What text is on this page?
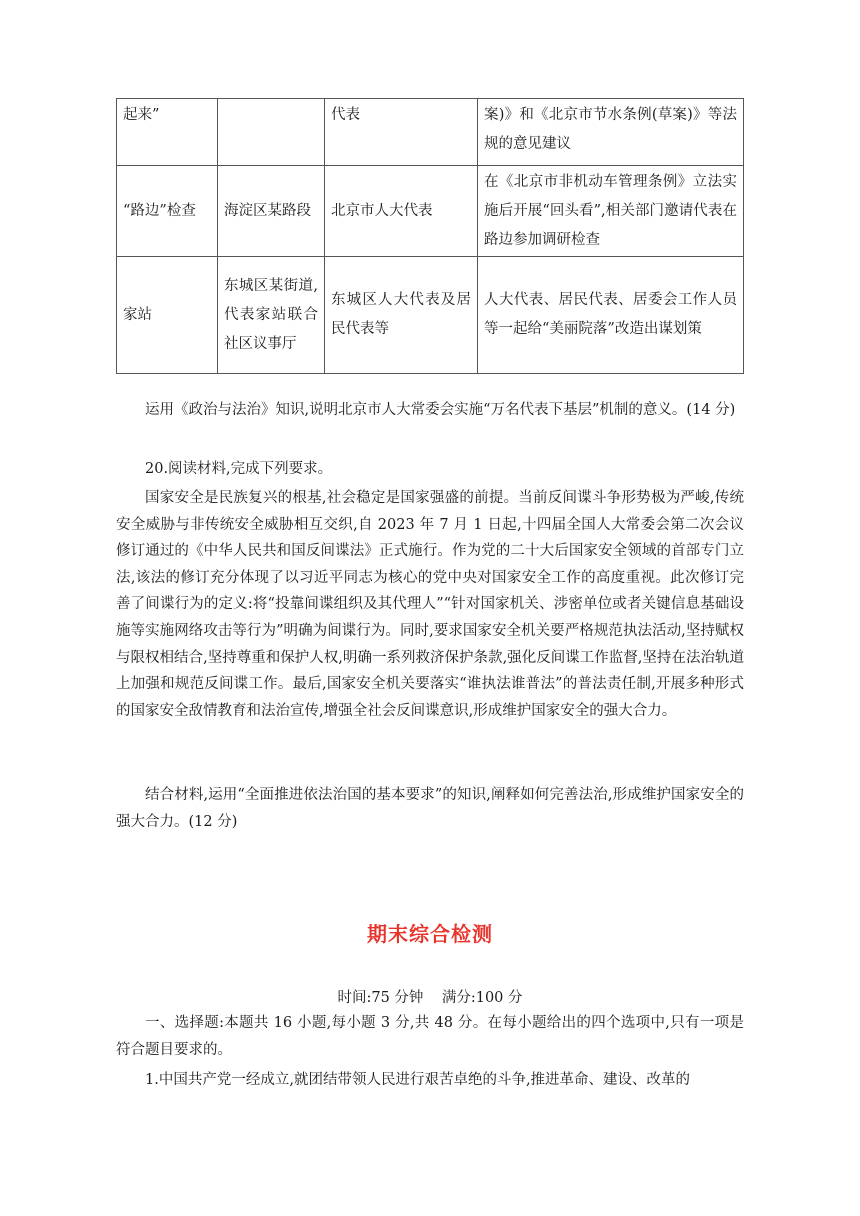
起来”		代表	案)》和《北京市节水条例(草案)》等法规的意见建议
“路边”检查	海淀区某路段	北京市人大代表	在《北京市非机动车管理条例》立法实施后开展“回头看”,相关部门邀请代表在路边参加调研检查
家站	东城区某街道,代表家站联合社区议事厅	东城区人大代表及居民代表等	人大代表、居民代表、居委会工作人员等一起给“美丽院落”改造出谋划策

运用《政治与法治》知识,说明北京市人大常委会实施“万名代表下基层”机制的意义。(14 分)

20.阅读材料,完成下列要求。

国家安全是民族复兴的根基,社会稳定是国家强盛的前提。当前反间谍斗争形势极为严峻,传统安全威胁与非传统安全威胁相互交织,自 2023 年 7 月 1 日起,十四届全国人大常委会第二次会议修订通过的《中华人民共和国反间谍法》正式施行。作为党的二十大后国家安全领域的首部专门立法,该法的修订充分体现了以习近平同志为核心的党中央对国家安全工作的高度重视。此次修订完善了间谍行为的定义:将“投靠间谍组织及其代理人”“针对国家机关、涉密单位或者关键信息基础设施等实施网络攻击等行为”明确为间谍行为。同时,要求国家安全机关要严格规范执法活动,坚持赋权与限权相结合,坚持尊重和保护人权,明确一系列救济保护条款,强化反间谍工作监督,坚持在法治轨道上加强和规范反间谍工作。最后,国家安全机关要落实“谁执法谁普法”的普法责任制,开展多种形式的国家安全敌情教育和法治宣传,增强全社会反间谍意识,形成维护国家安全的强大合力。

结合材料,运用“全面推进依法治国的基本要求”的知识,阐释如何完善法治,形成维护国家安全的强大合力。(12 分)

期末综合检测
时间:75 分钟    满分:100 分

一、选择题:本题共 16 小题,每小题 3 分,共 48 分。在每小题给出的四个选项中,只有一项是符合题目要求的。

1.中国共产党一经成立,就团结带领人民进行艰苦卓绝的斗争,推进革命、建设、改革的
